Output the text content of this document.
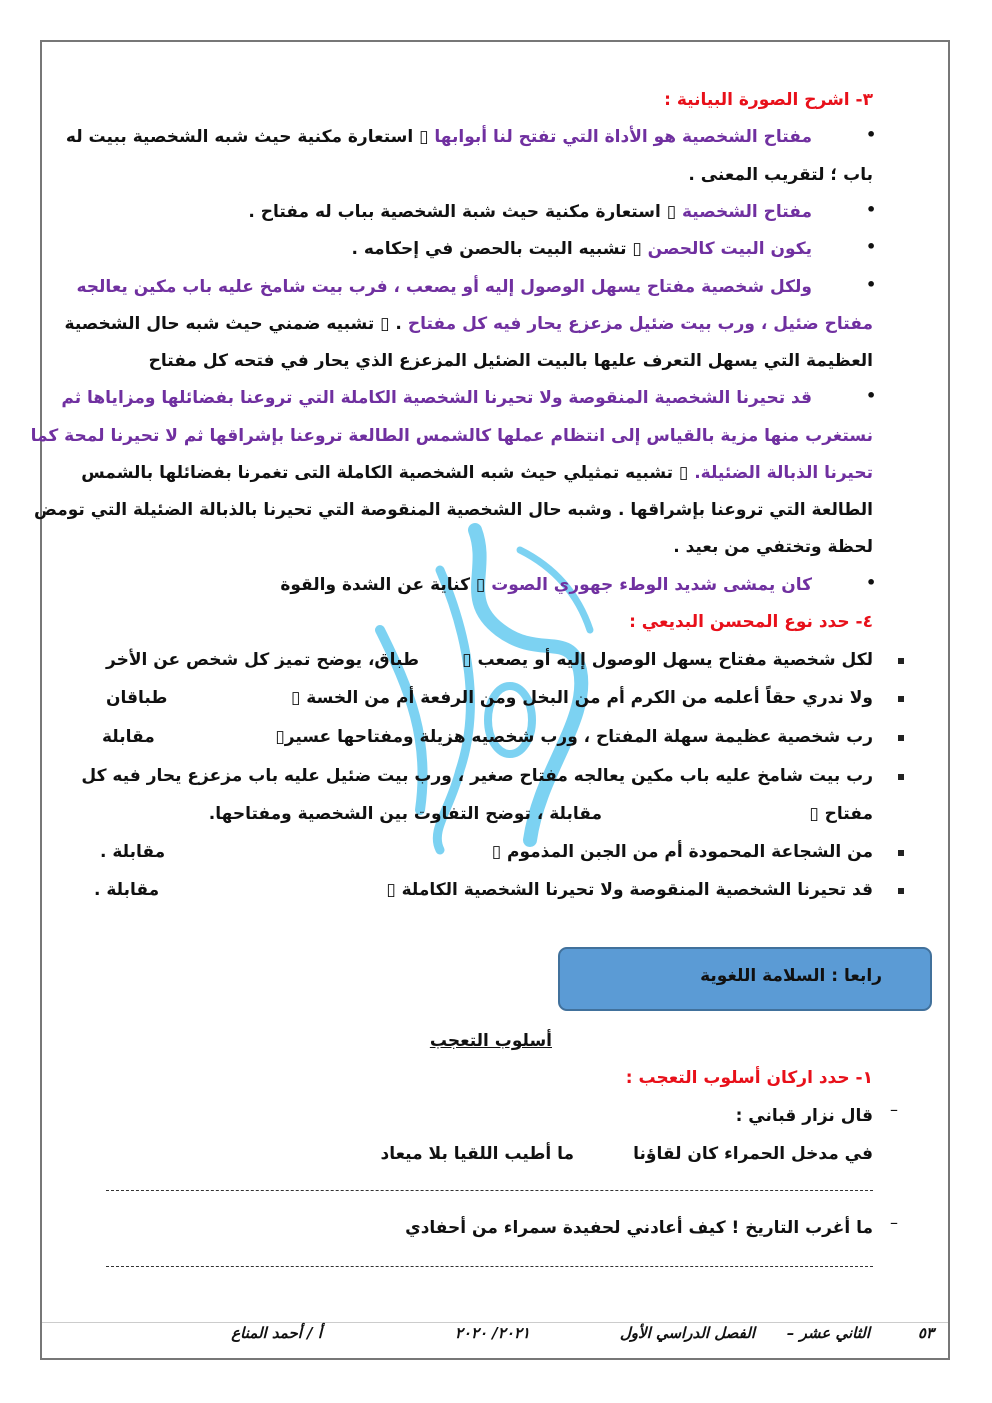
٣- اشرح الصورة البيانية :
•
مفتاح الشخصية هو الأداة التي تفتح لنا أبوابها ▯ استعارة مكنية حيث شبه الشخصية ببيت له
باب ؛ لتقريب المعنى .
•
مفتاح الشخصية ▯ استعارة مكنية حيث شبة الشخصية بباب له مفتاح .
•
يكون البيت كالحصن ▯ تشبيه البيت بالحصن في إحكامه .
•
ولكل شخصية مفتاح يسهل الوصول إليه أو يصعب ، فرب بيت شامخ عليه باب مكين يعالجه
مفتاح ضئيل ، ورب بيت ضئيل مزعزع يحار فيه كل مفتاح . ▯ تشبيه ضمني حيث شبه حال الشخصية
العظيمة التي يسهل التعرف عليها بالبيت الضئيل المزعزع الذي يحار في فتحه كل مفتاح
•
قد تحيرنا الشخصية المنقوصة ولا تحيرنا الشخصية الكاملة التي تروعنا بفضائلها ومزاياها ثم
نستغرب منها مزية بالقياس إلى انتظام عملها كالشمس الطالعة تروعنا بإشراقها ثم لا تحيرنا لمحة كما
تحيرنا الذبالة الضئيلة. ▯ تشبيه تمثيلي حيث شبه الشخصية الكاملة التى تغمرنا بفضائلها بالشمس
الطالعة التي تروعنا بإشراقها . وشبه حال الشخصية المنقوصة التي تحيرنا بالذبالة الضئيلة التي تومض
لحظة وتختفي من بعيد .
•
كان يمشى شديد الوطء جهوري الصوت ▯ كناية عن الشدة والقوة
٤- حدد نوع المحسن البديعي :
لكل شخصية مفتاح يسهل الوصول إليه أو يصعب ▯
طباق، يوضح تميز كل شخص عن الأخر
ولا ندري حقاً أعلمه من الكرم أم من البخل ومن الرفعة أم من الخسة ▯
طباقان
رب شخصية عظيمة سهلة المفتاح ، ورب شخصيه هزيلة ومفتاحها عسير▯
مقابلة
رب بيت شامخ عليه باب مكين يعالجه مفتاح صغير ، ورب بيت ضئيل عليه باب مزعزع يحار فيه كل
مفتاح ▯
مقابلة ، توضح التفاوت بين الشخصية ومفتاحها.
من الشجاعة المحمودة أم من الجبن المذموم ▯
مقابلة .
قد تحيرنا الشخصية المنقوصة ولا تحيرنا الشخصية الكاملة ▯
مقابلة .
رابعا : السلامة اللغوية
أسلوب التعجب
١- حدد اركان أسلوب التعجب :
–
قال نزار قباني :
في مدخل الحمراء كان لقاؤنا
ما أطيب اللقيا بلا ميعاد
–
ما أغرب التاريخ ! كيف أعادني لحفيدة سمراء من أحفادي
٥٣
الثاني عشر –
الفصل الدراسي الأول
٢٠٢١/ ٢٠٢٠
أ / أحمد المناع
